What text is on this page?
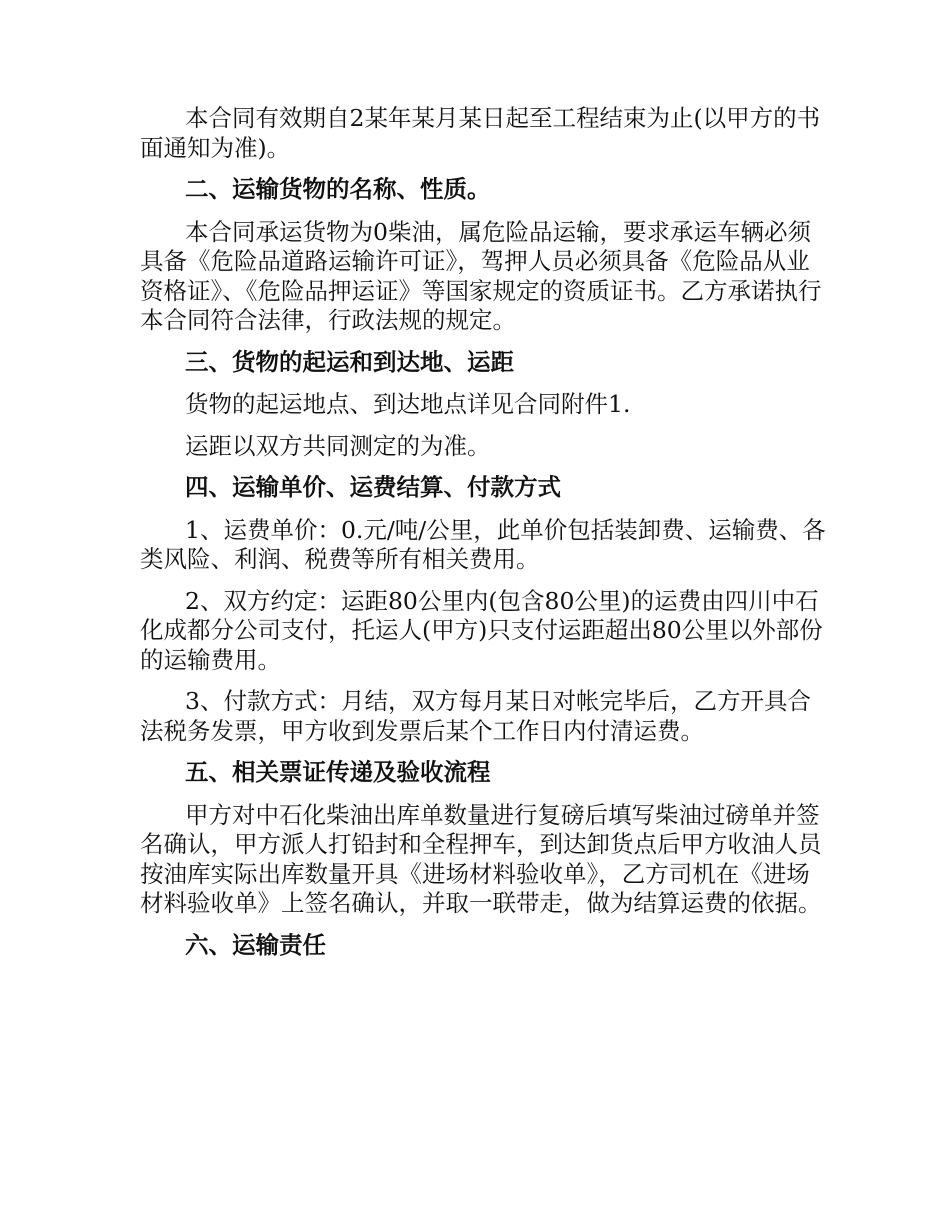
本合同有效期自2某年某月某日起至工程结束为止(以甲方的书面通知为准)。

二、运输货物的名称、性质。

本合同承运货物为0柴油，属危险品运输，要求承运车辆必须具备《危险品道路运输许可证》，驾押人员必须具备《危险品从业资格证》、《危险品押运证》等国家规定的资质证书。乙方承诺执行本合同符合法律，行政法规的规定。

三、货物的起运和到达地、运距

货物的起运地点、到达地点详见合同附件1.

运距以双方共同测定的为准。

四、运输单价、运费结算、付款方式

1、运费单价：0.元/吨/公里，此单价包括装卸费、运输费、各类风险、利润、税费等所有相关费用。

2、双方约定：运距80公里内(包含80公里)的运费由四川中石化成都分公司支付，托运人(甲方)只支付运距超出80公里以外部份的运输费用。

3、付款方式：月结，双方每月某日对帐完毕后，乙方开具合法税务发票，甲方收到发票后某个工作日内付清运费。

五、相关票证传递及验收流程

甲方对中石化柴油出库单数量进行复磅后填写柴油过磅单并签名确认，甲方派人打铅封和全程押车，到达卸货点后甲方收油人员按油库实际出库数量开具《进场材料验收单》，乙方司机在《进场材料验收单》上签名确认，并取一联带走，做为结算运费的依据。

六、运输责任
